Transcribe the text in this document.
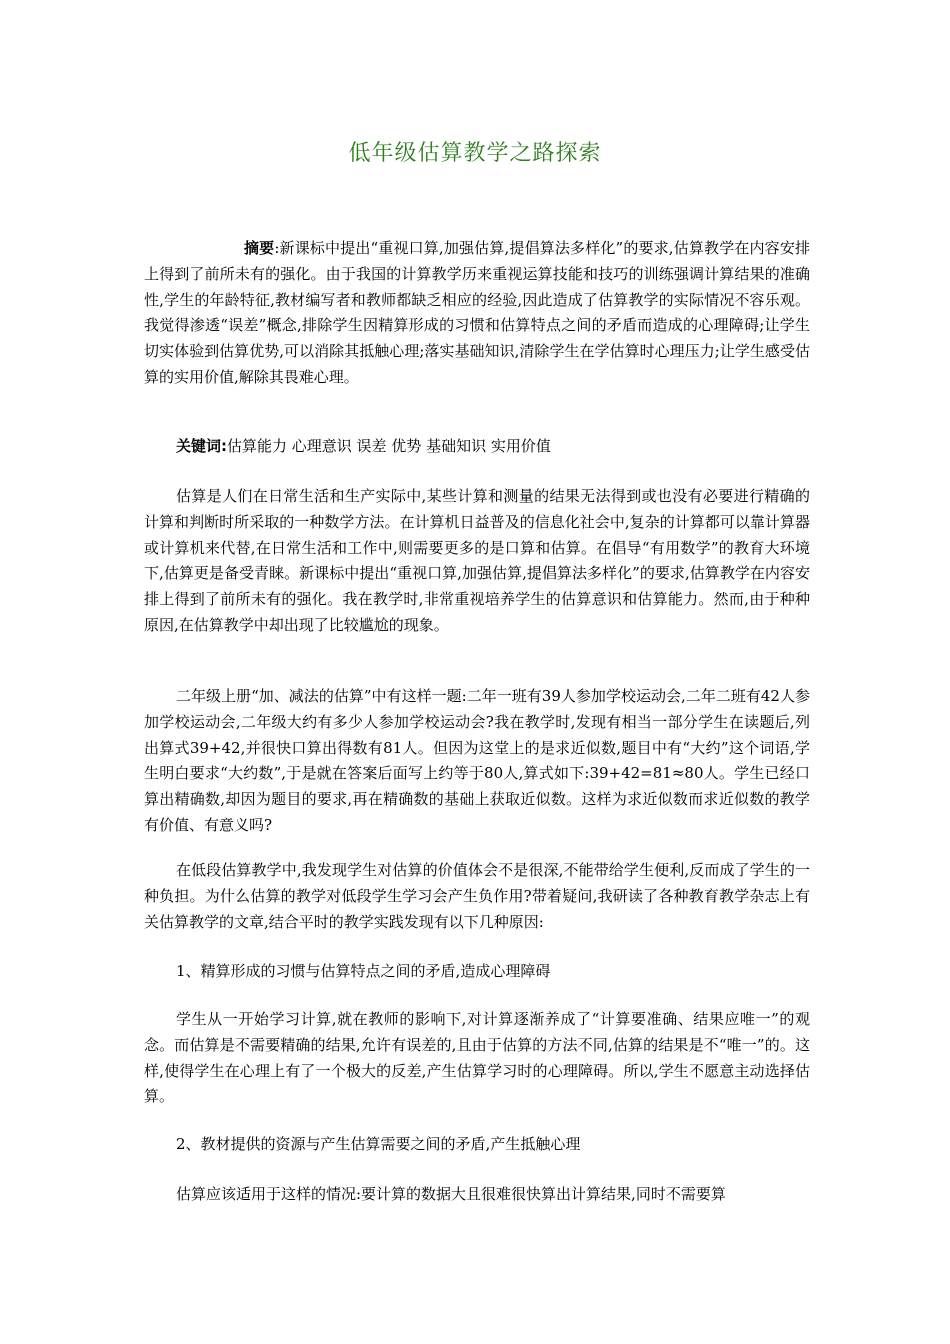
低年级估算教学之路探索

摘要:新课标中提出“重视口算,加强估算,提倡算法多样化”的要求,估算教学在内容安排上得到了前所未有的强化。由于我国的计算教学历来重视运算技能和技巧的训练强调计算结果的准确性,学生的年龄特征,教材编写者和教师都缺乏相应的经验,因此造成了估算教学的实际情况不容乐观。我觉得渗透“误差”概念,排除学生因精算形成的习惯和估算特点之间的矛盾而造成的心理障碍;让学生切实体验到估算优势,可以消除其抵触心理;落实基础知识,清除学生在学估算时心理压力;让学生感受估算的实用价值,解除其畏难心理。

关键词:估算能力 心理意识 误差 优势 基础知识 实用价值

估算是人们在日常生活和生产实际中,某些计算和测量的结果无法得到或也没有必要进行精确的计算和判断时所采取的一种数学方法。在计算机日益普及的信息化社会中,复杂的计算都可以靠计算器或计算机来代替,在日常生活和工作中,则需要更多的是口算和估算。在倡导“有用数学”的教育大环境下,估算更是备受青睐。新课标中提出“重视口算,加强估算,提倡算法多样化”的要求,估算教学在内容安排上得到了前所未有的强化。我在教学时,非常重视培养学生的估算意识和估算能力。然而,由于种种原因,在估算教学中却出现了比较尴尬的现象。

二年级上册“加、减法的估算”中有这样一题:二年一班有39人参加学校运动会,二年二班有42人参加学校运动会,二年级大约有多少人参加学校运动会?我在教学时,发现有相当一部分学生在读题后,列出算式39+42,并很快口算出得数有81人。但因为这堂上的是求近似数,题目中有“大约”这个词语,学生明白要求“大约数”,于是就在答案后面写上约等于80人,算式如下:39+42=81≈80人。学生已经口算出精确数,却因为题目的要求,再在精确数的基础上获取近似数。这样为求近似数而求近似数的教学有价值、有意义吗?

在低段估算教学中,我发现学生对估算的价值体会不是很深,不能带给学生便利,反而成了学生的一种负担。为什么估算的教学对低段学生学习会产生负作用?带着疑问,我研读了各种教育教学杂志上有关估算教学的文章,结合平时的教学实践发现有以下几种原因:

1、精算形成的习惯与估算特点之间的矛盾,造成心理障碍

学生从一开始学习计算,就在教师的影响下,对计算逐渐养成了“计算要准确、结果应唯一”的观念。而估算是不需要精确的结果,允许有误差的,且由于估算的方法不同,估算的结果是不“唯一”的。这样,使得学生在心理上有了一个极大的反差,产生估算学习时的心理障碍。所以,学生不愿意主动选择估算。

2、教材提供的资源与产生估算需要之间的矛盾,产生抵触心理

估算应该适用于这样的情况:要计算的数据大且很难很快算出计算结果,同时不需要算
